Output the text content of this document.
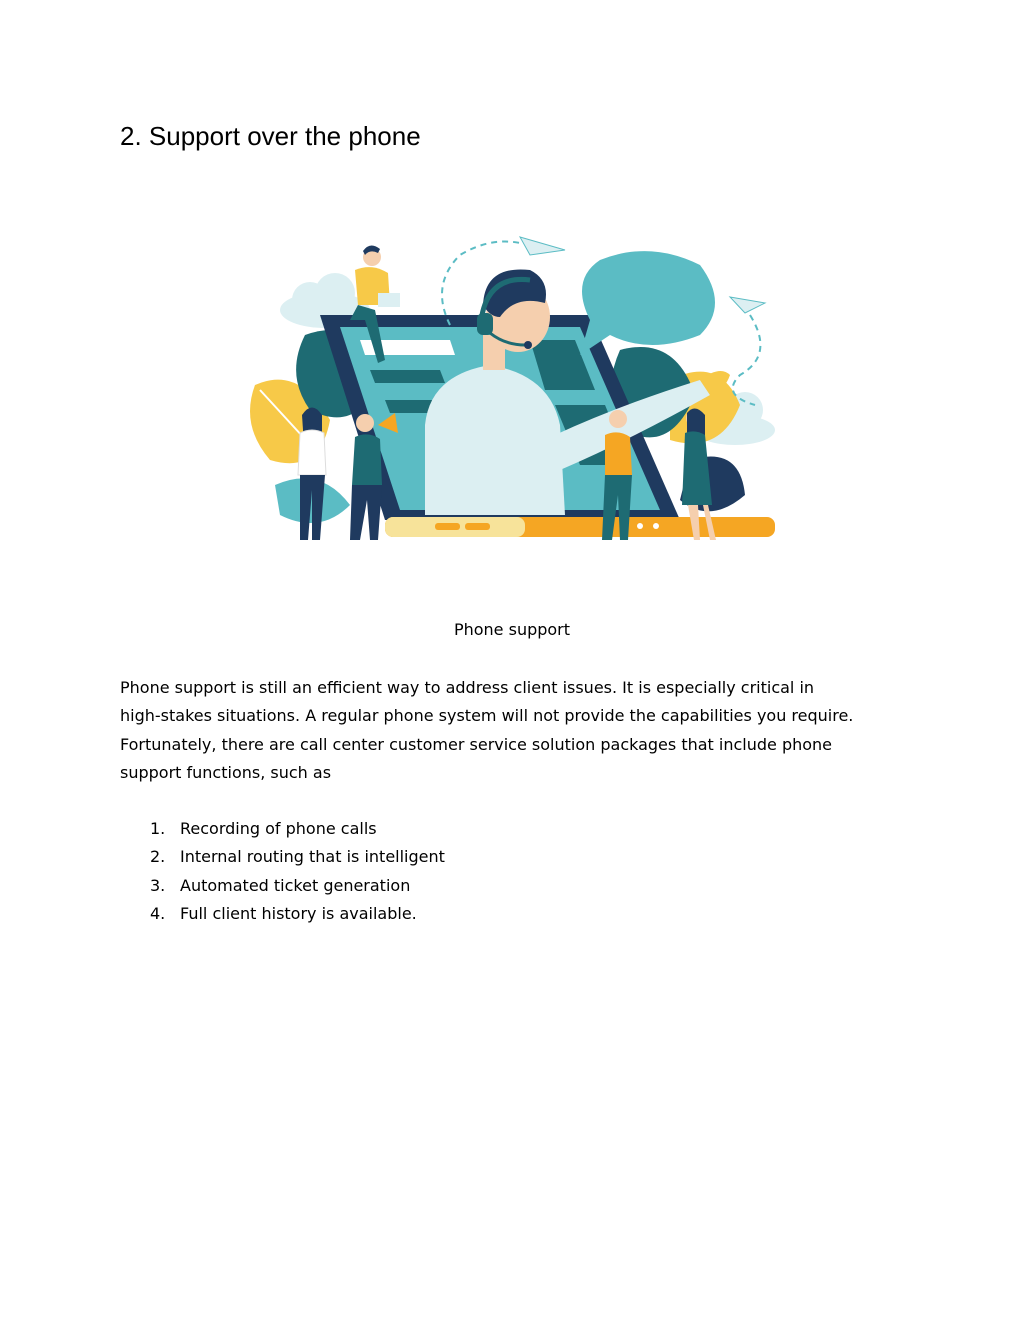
2. Support over the phone
Phone support

Phone support is still an efficient way to address client issues. It is especially critical in
high-stakes situations. A regular phone system will not provide the capabilities you require.
Fortunately, there are call center customer service solution packages that include phone
support functions, such as

1. Recording of phone calls
2. Internal routing that is intelligent
3. Automated ticket generation
4. Full client history is available.
